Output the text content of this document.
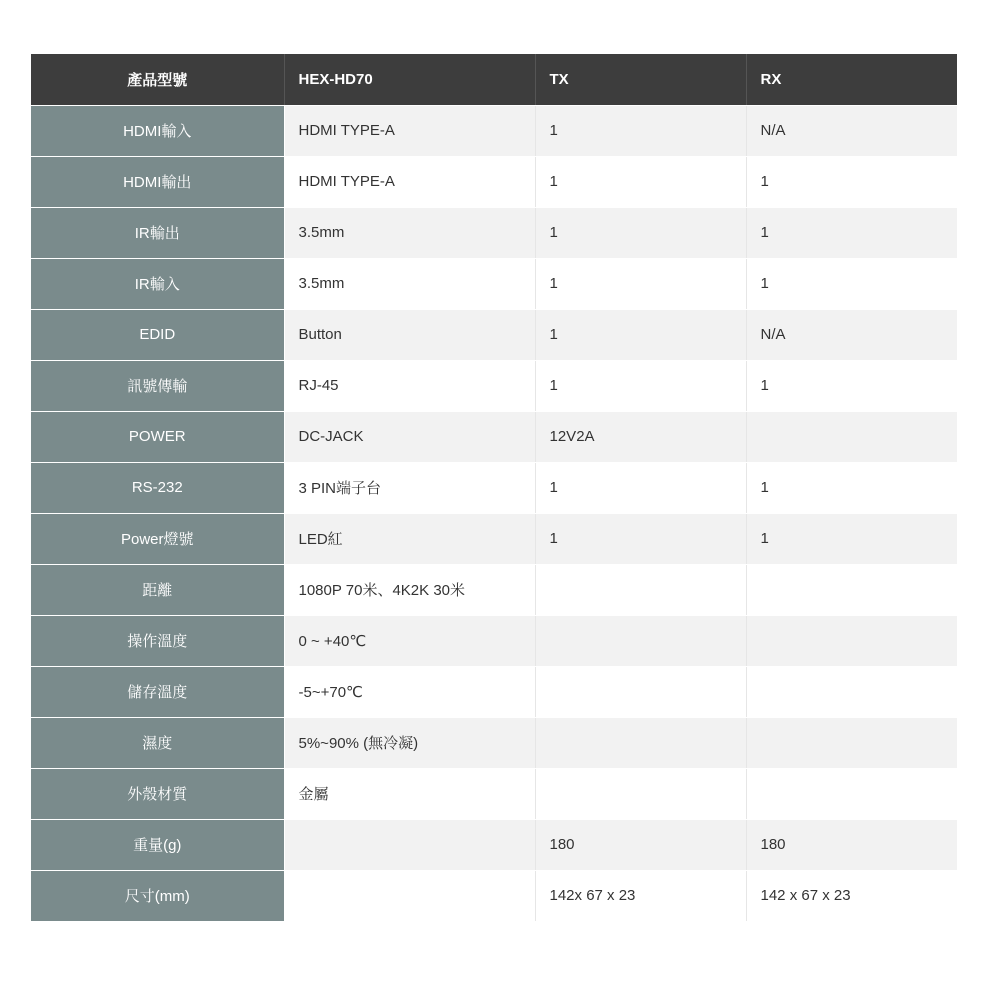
產品型號	HEX-HD70	TX	RX
HDMI輸入	HDMI TYPE-A	1	N/A
HDMI輸出	HDMI TYPE-A	1	1
IR輸出	3.5mm	1	1
IR輸入	3.5mm	1	1
EDID	Button	1	N/A
訊號傳輸	RJ-45	1	1
POWER	DC-JACK	12V2A	
RS-232	3 PIN端子台	1	1
Power燈號	LED紅	1	1
距離	1080P 70米、4K2K 30米		
操作溫度	0 ~ +40℃		
儲存溫度	-5~+70℃		
濕度	5%~90% (無冷凝)		
外殼材質	金屬		
重量(g)		180	180
尺寸(mm)		142x 67 x 23	142 x 67 x 23
